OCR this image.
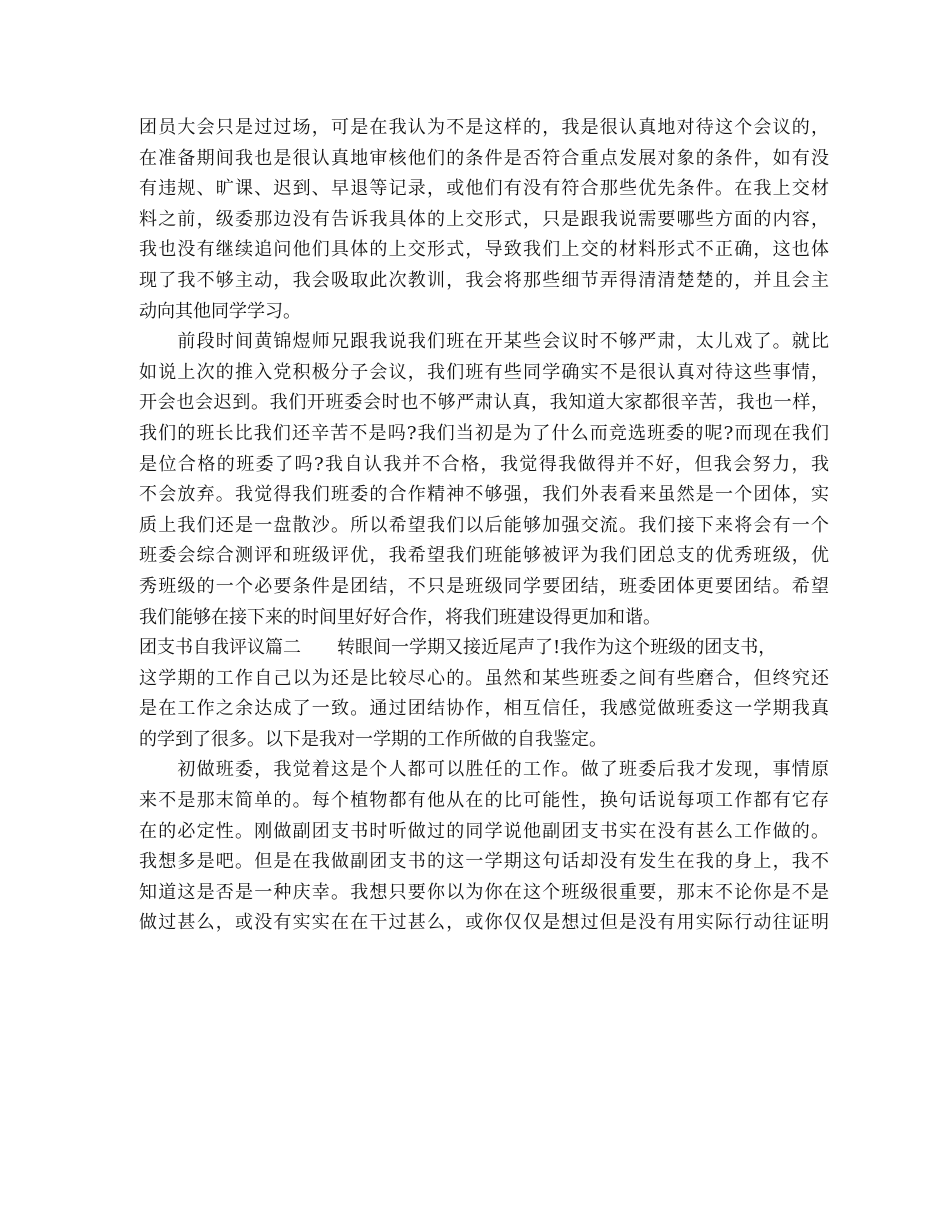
团员大会只是过过场，可是在我认为不是这样的，我是很认真地对待这个会议的，
在准备期间我也是很认真地审核他们的条件是否符合重点发展对象的条件，如有没
有违规、旷课、迟到、早退等记录，或他们有没有符合那些优先条件。在我上交材
料之前，级委那边没有告诉我具体的上交形式，只是跟我说需要哪些方面的内容，
我也没有继续追问他们具体的上交形式，导致我们上交的材料形式不正确，这也体
现了我不够主动，我会吸取此次教训，我会将那些细节弄得清清楚楚的，并且会主
动向其他同学学习。
　　前段时间黄锦煜师兄跟我说我们班在开某些会议时不够严肃，太儿戏了。就比
如说上次的推入党积极分子会议，我们班有些同学确实不是很认真对待这些事情，
开会也会迟到。我们开班委会时也不够严肃认真，我知道大家都很辛苦，我也一样，
我们的班长比我们还辛苦不是吗?我们当初是为了什么而竞选班委的呢?而现在我们
是位合格的班委了吗?我自认我并不合格，我觉得我做得并不好，但我会努力，我
不会放弃。我觉得我们班委的合作精神不够强，我们外表看来虽然是一个团体，实
质上我们还是一盘散沙。所以希望我们以后能够加强交流。我们接下来将会有一个
班委会综合测评和班级评优，我希望我们班能够被评为我们团总支的优秀班级，优
秀班级的一个必要条件是团结，不只是班级同学要团结，班委团体更要团结。希望
我们能够在接下来的时间里好好合作，将我们班建设得更加和谐。
团支书自我评议篇二 转眼间一学期又接近尾声了!我作为这个班级的团支书，
这学期的工作自己以为还是比较尽心的。虽然和某些班委之间有些磨合，但终究还
是在工作之余达成了一致。通过团结协作，相互信任，我感觉做班委这一学期我真
的学到了很多。以下是我对一学期的工作所做的自我鉴定。
　　初做班委，我觉着这是个人都可以胜任的工作。做了班委后我才发现，事情原
来不是那末简单的。每个植物都有他从在的比可能性，换句话说每项工作都有它存
在的必定性。刚做副团支书时听做过的同学说他副团支书实在没有甚么工作做的。
我想多是吧。但是在我做副团支书的这一学期这句话却没有发生在我的身上，我不
知道这是否是一种庆幸。我想只要你以为你在这个班级很重要，那末不论你是不是
做过甚么，或没有实实在在干过甚么，或你仅仅是想过但是没有用实际行动往证明
